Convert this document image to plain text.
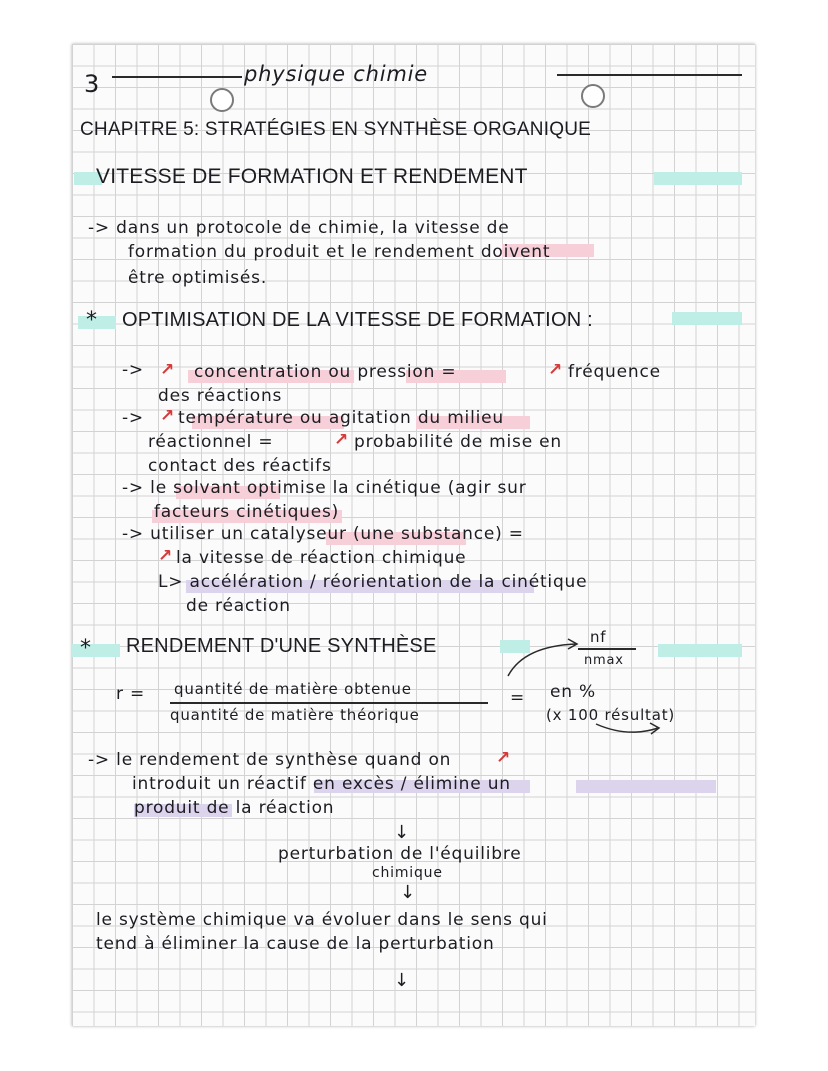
3	physique chimie
CHAPITRE 5: STRATÉGIES EN SYNTHÈSE ORGANIQUE
VITESSE DE FORMATION ET RENDEMENT
-> dans un protocole de chimie, la vitesse de
formation du produit et le rendement doivent
être optimisés.
* OPTIMISATION DE LA VITESSE DE FORMATION :
-> ↗ concentration ou pression =	↗ fréquence
des réactions
-> ↗ température ou agitation du milieu
réactionnel =	↗ probabilité de mise en
contact des réactifs
-> le solvant optimise la cinétique (agir sur
facteurs cinétiques)
-> utiliser un catalyseur (une substance) =
↗ la vitesse de réaction chimique
L> accélération / réorientation de la cinétique
de réaction
* RENDEMENT D'UNE SYNTHÈSE	nf
nmax
r = quantité de matière obtenue
quantité de matière théorique
= en %
(x 100 résultat)
-> le rendement de synthèse quand on	↗
introduit un réactif en excès / élimine un
produit de la réaction
↓
perturbation de l'équilibre
chimique
↓
le système chimique va évoluer dans le sens qui
tend à éliminer la cause de la perturbation
↓
